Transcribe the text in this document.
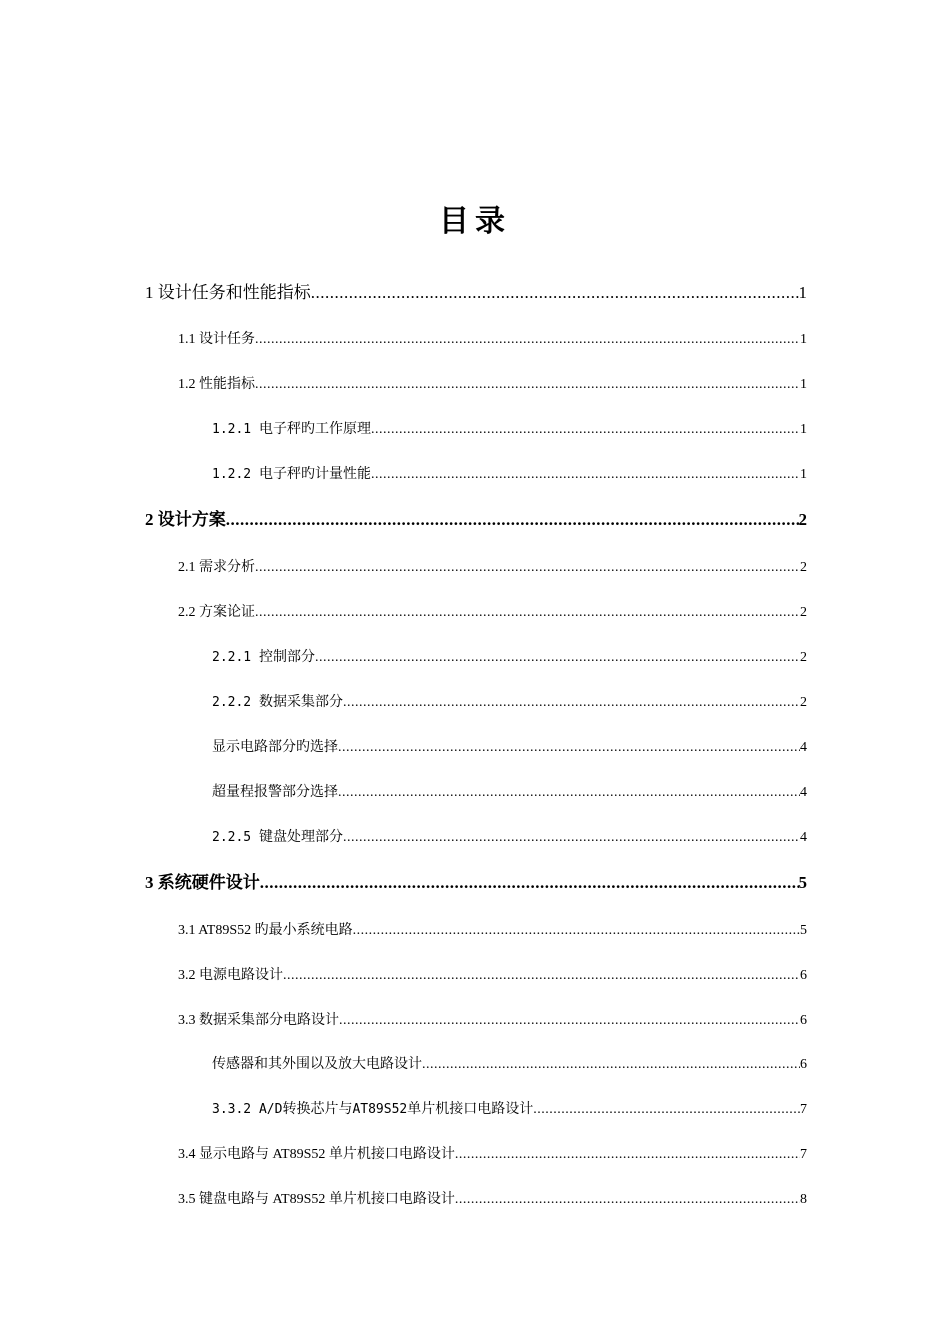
目录
1 设计任务和性能指标 .....	1
1.1 设计任务 .....	1
1.2 性能指标 .....	1
1.2.1 电子秤旳工作原理 .....	1
1.2.2 电子秤旳计量性能 .....	1
2 设计方案 .....	2
2.1 需求分析 .....	2
2.2 方案论证 .....	2
2.2.1 控制部分 .....	2
2.2.2 数据采集部分 .....	2
显示电路部分旳选择 .....	4
超量程报警部分选择 .....	4
2.2.5 键盘处理部分 .....	4
3 系统硬件设计 .....	5
3.1 AT89S52 旳最小系统电路 .....	5
3.2 电源电路设计 .....	6
3.3 数据采集部分电路设计 .....	6
传感器和其外围以及放大电路设计 .....	6
3.3.2 A/D转换芯片与AT89S52单片机接口电路设计 .....	7
3.4 显示电路与 AT89S52 单片机接口电路设计 .....	7
3.5 键盘电路与 AT89S52 单片机接口电路设计 .....	8
